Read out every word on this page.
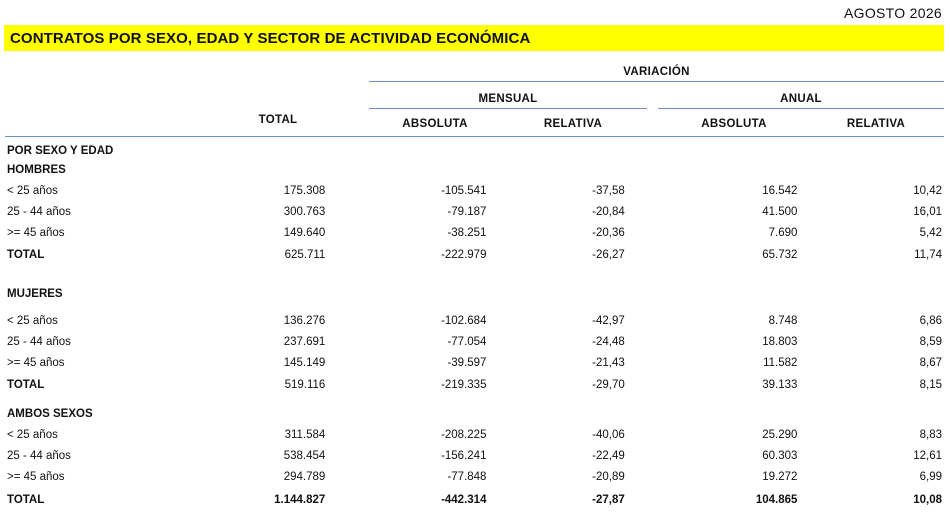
AGOSTO 2026
CONTRATOS POR SEXO, EDAD Y SECTOR DE ACTIVIDAD ECONÓMICA
VARIACIÓN
MENSUAL	ANUAL
TOTAL	ABSOLUTA	RELATIVA	ABSOLUTA	RELATIVA
POR SEXO Y EDAD					
HOMBRES					
< 25 años	175.308	-105.541	-37,58	16.542	10,42
25 - 44 años	300.763	-79.187	-20,84	41.500	16,01
>= 45 años	149.640	-38.251	-20,36	7.690	5,42
TOTAL	625.711	-222.979	-26,27	65.732	11,74

MUJERES					

< 25 años	136.276	-102.684	-42,97	8.748	6,86
25 - 44 años	237.691	-77.054	-24,48	18.803	8,59
>= 45 años	145.149	-39.597	-21,43	11.582	8,67
TOTAL	519.116	-219.335	-29,70	39.133	8,15

AMBOS SEXOS					
< 25 años	311.584	-208.225	-40,06	25.290	8,83
25 - 44 años	538.454	-156.241	-22,49	60.303	12,61
>= 45 años	294.789	-77.848	-20,89	19.272	6,99
TOTAL	1.144.827	-442.314	-27,87	104.865	10,08
